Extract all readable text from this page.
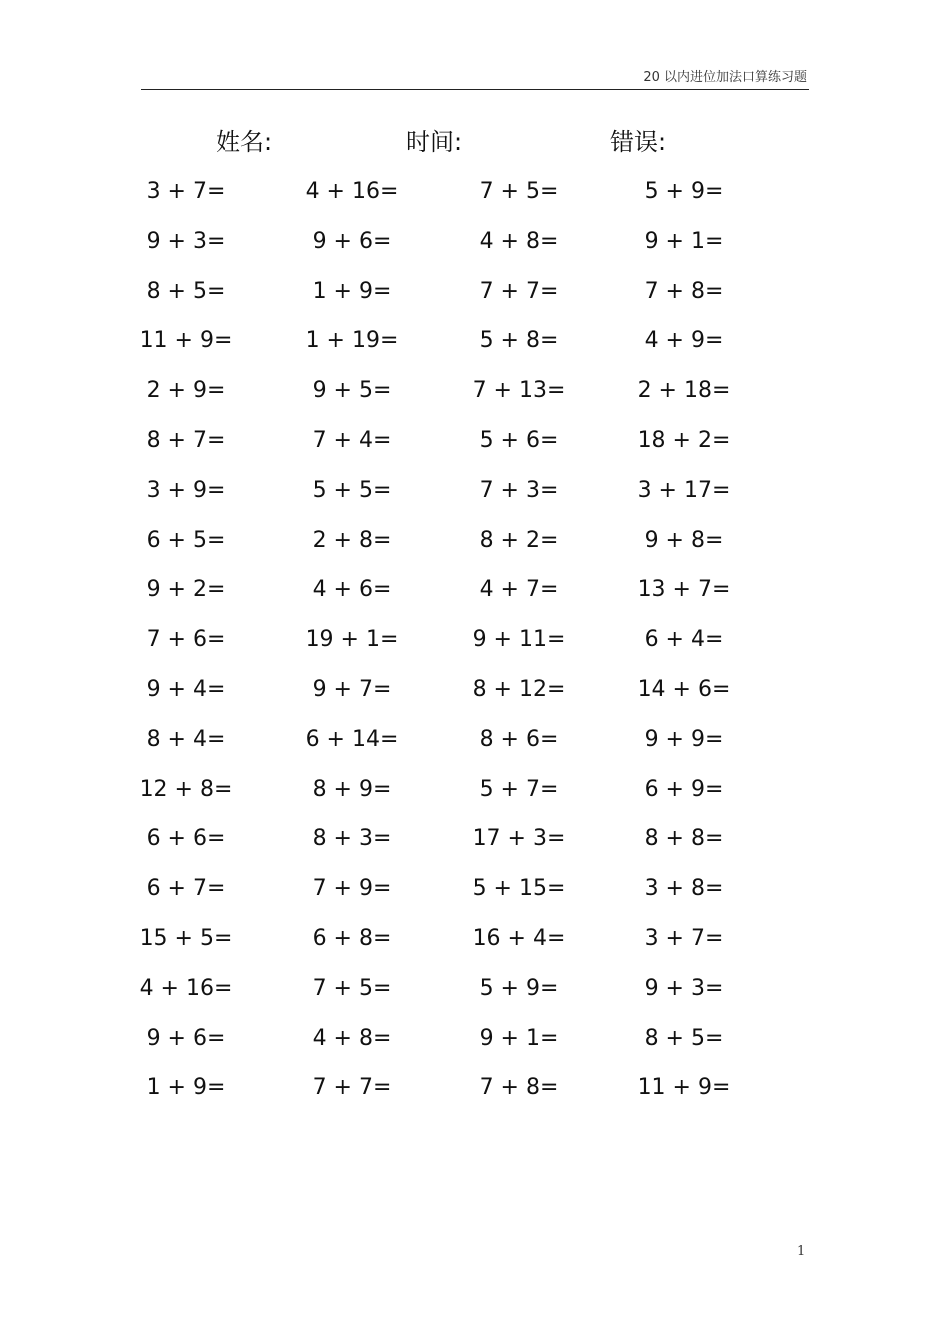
20 以内进位加法口算练习题
姓名:	时间:	错误:
3 + 7=	4 + 16=	7 + 5=	5 + 9=
9 + 3=	9 + 6=	4 + 8=	9 + 1=
8 + 5=	1 + 9=	7 + 7=	7 + 8=
11 + 9=	1 + 19=	5 + 8=	4 + 9=
2 + 9=	9 + 5=	7 + 13=	2 + 18=
8 + 7=	7 + 4=	5 + 6=	18 + 2=
3 + 9=	5 + 5=	7 + 3=	3 + 17=
6 + 5=	2 + 8=	8 + 2=	9 + 8=
9 + 2=	4 + 6=	4 + 7=	13 + 7=
7 + 6=	19 + 1=	9 + 11=	6 + 4=
9 + 4=	9 + 7=	8 + 12=	14 + 6=
8 + 4=	6 + 14=	8 + 6=	9 + 9=
12 + 8=	8 + 9=	5 + 7=	6 + 9=
6 + 6=	8 + 3=	17 + 3=	8 + 8=
6 + 7=	7 + 9=	5 + 15=	3 + 8=
15 + 5=	6 + 8=	16 + 4=	3 + 7=
4 + 16=	7 + 5=	5 + 9=	9 + 3=
9 + 6=	4 + 8=	9 + 1=	8 + 5=
1 + 9=	7 + 7=	7 + 8=	11 + 9=
1
